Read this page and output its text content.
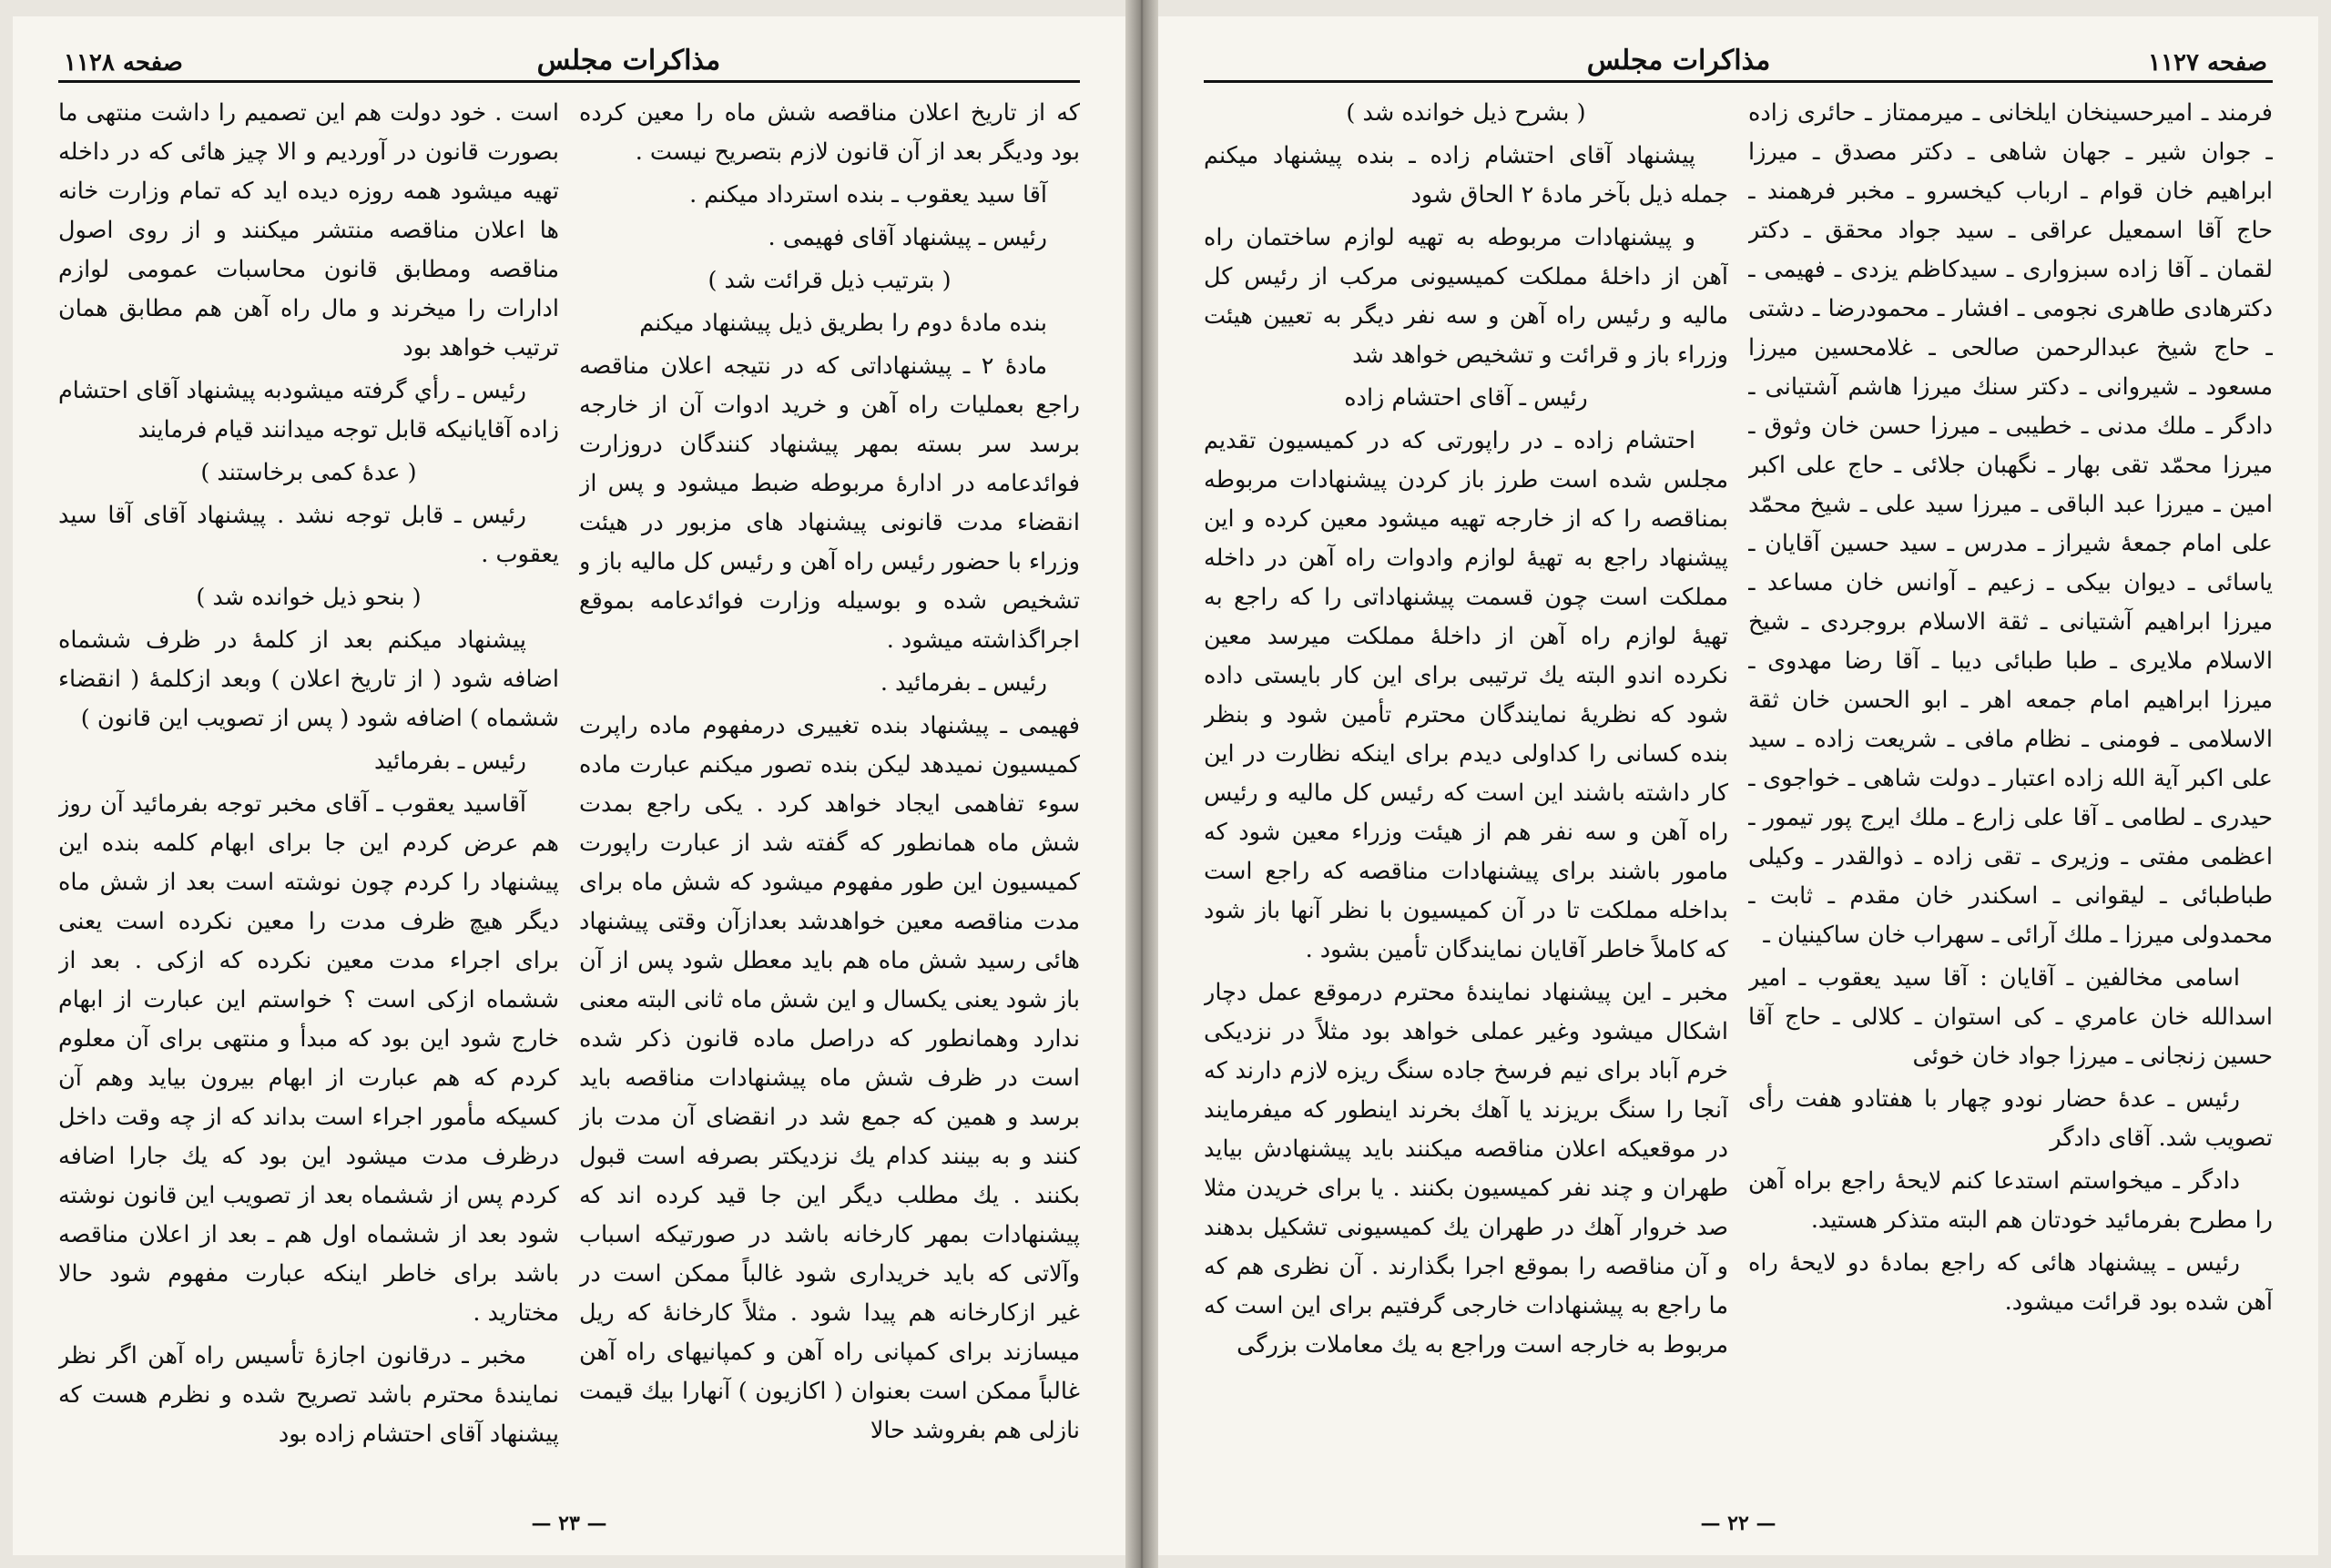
مذاکرات مجلس
صفحه ۱۱۲۸

که از تاریخ اعلان مناقصه شش ماه را معین کرده بود ودیگر بعد از آن قانون لازم بتصریح نیست .

آقا سید یعقوب ـ بنده استرداد میکنم .

رئیس ـ پیشنهاد آقای فهیمی .

( بترتیب ذیل قرائت شد )

بنده مادهٔ دوم را بطریق ذیل پیشنهاد میکنم

مادهٔ ۲ ـ پیشنهاداتی که در نتیجه اعلان مناقصه راجع بعملیات راه آهن و خرید ادوات آن از خارجه برسد سر بسته بمهر پیشنهاد کنندگان دروزارت فوائدعامه در ادارهٔ مربوطه ضبط میشود و پس از انقضاء مدت قانونی پیشنهاد های مزبور در هیئت وزراء با حضور رئیس راه آهن و رئیس کل مالیه باز و تشخیص شده و بوسیله وزارت فوائدعامه بموقع اجراگذاشته میشود .

رئیس ـ بفرمائید .

فهیمی ـ پیشنهاد بنده تغییری درمفهوم ماده راپرت کمیسیون نمیدهد لیکن بنده تصور میکنم عبارت ماده سوء تفاهمی ایجاد خواهد کرد . یکی راجع بمدت شش ماه همانطور که گفته شد از عبارت راپورت کمیسیون این طور مفهوم میشود که شش ماه برای مدت مناقصه معین خواهدشد بعدازآن وقتی پیشنهاد هائی رسید شش ماه هم باید معطل شود پس از آن باز شود یعنی یکسال و این شش ماه ثانی البته معنی ندارد وهمانطور که دراصل ماده قانون ذکر شده است در ظرف شش ماه پیشنهادات مناقصه باید برسد و همین که جمع شد در انقضای آن مدت باز کنند و به بینند کدام یك نزدیکتر بصرفه است قبول بکنند . یك مطلب دیگر این جا قید کرده اند که پیشنهادات بمهر کارخانه باشد در صورتیکه اسباب وآلاتی که باید خریداری شود غالباً ممکن است در غیر ازکارخانه هم پیدا شود . مثلاً کارخانهٔ که ریل میسازند برای کمپانی راه آهن و کمپانیهای راه آهن غالباً ممکن است بعنوان ( اکازیون ) آنهارا بیك قیمت نازلی هم بفروشد حالا

است . خود دولت هم این تصمیم را داشت منتهی ما بصورت قانون در آوردیم و الا چیز هائی که در داخله تهیه میشود همه روزه دیده اید که تمام وزارت خانه ها اعلان مناقصه منتشر میکنند و از روی اصول مناقصه ومطابق قانون محاسبات عمومی لوازم ادارات را میخرند و مال راه آهن هم مطابق همان ترتیب خواهد بود

رئیس ـ رأي گرفته میشودبه پیشنهاد آقای احتشام زاده آقایانیکه قابل توجه میدانند قیام فرمایند

( عدهٔ کمی برخاستند )

رئیس ـ قابل توجه نشد . پیشنهاد آقای آقا سید یعقوب .

( بنحو ذیل خوانده شد )

پیشنهاد میکنم بعد از کلمهٔ در ظرف ششماه اضافه شود ( از تاریخ اعلان ) وبعد ازکلمهٔ ( انقضاء ششماه ) اضافه شود ( پس از تصویب این قانون )

رئیس ـ بفرمائید

آقاسید یعقوب ـ آقای مخبر توجه بفرمائید آن روز هم عرض کردم این جا برای ابهام کلمه بنده این پیشنهاد را کردم چون نوشته است بعد از شش ماه دیگر هیچ ظرف مدت را معین نکرده است یعنی برای اجراء مدت معین نکرده که ازکی . بعد از ششماه ازکی است ؟ خواستم این عبارت از ابهام خارج شود این بود که مبدأ و منتهی برای آن معلوم کردم که هم عبارت از ابهام بیرون بیاید وهم آن کسیکه مأمور اجراء است بداند که از چه وقت داخل درظرف مدت میشود این بود که یك جارا اضافه کردم پس از ششماه بعد از تصویب این قانون نوشته شود بعد از ششماه اول هم ـ بعد از اعلان مناقصه باشد برای خاطر اینکه عبارت مفهوم شود حالا مختارید .

مخبر ـ درقانون اجازهٔ تأسیس راه آهن اگر نظر نمایندهٔ محترم باشد تصریح شده و نظرم هست که پیشنهاد آقای احتشام زاده بود

— ۲۳ —
صفحه ۱۱۲۷
مذاکرات مجلس

فرمند ـ امیرحسینخان ایلخانی ـ میرممتاز ـ حائری زاده ـ جوان شیر ـ جهان شاهی ـ دکتر مصدق ـ میرزا ابراهیم خان قوام ـ ارباب کیخسرو ـ مخبر فرهمند ـ حاج آقا اسمعیل عراقی ـ سید جواد محقق ـ دکتر لقمان ـ آقا زاده سبزواری ـ سیدکاظم یزدی ـ فهیمی ـ دکترهادی طاهری نجومی ـ افشار ـ محمودرضا ـ دشتی ـ حاج شیخ عبدالرحمن صالحی ـ غلامحسین میرزا مسعود ـ شیروانی ـ دکتر سنك میرزا هاشم آشتیانی ـ دادگر ـ ملك مدنی ـ خطیبی ـ میرزا حسن خان وثوق ـ میرزا محمّد تقی بهار ـ نگهبان جلائی ـ حاج علی اکبر امین ـ میرزا عبد الباقی ـ میرزا سید علی ـ شیخ محمّد علی امام جمعهٔ شیراز ـ مدرس ـ سید حسین آقایان ـ یاسائی ـ دیوان بیکی ـ زعیم ـ آوانس خان مساعد ـ میرزا ابراهیم آشتیانی ـ ثقة الاسلام بروجردی ـ شیخ الاسلام ملایری ـ طبا طبائی دیبا ـ آقا رضا مهدوی ـ میرزا ابراهیم امام جمعه اهر ـ ابو الحسن خان ثقة الاسلامی ـ فومنی ـ نظام مافی ـ شریعت زاده ـ سید علی اکبر آیة الله زاده اعتبار ـ دولت شاهی ـ خواجوی ـ حیدری ـ لطامی ـ آقا علی زارع ـ ملك ایرج پور تیمور ـ اعظمی مفتی ـ وزیری ـ تقی زاده ـ ذوالقدر ـ وکیلی طباطبائی ـ لیقوانی ـ اسکندر خان مقدم ـ ثابت ـ محمدولی میرزا ـ ملك آرائی ـ سهراب خان ساکینیان ـ

اسامی مخالفین ـ آقایان : آقا سید یعقوب ـ امیر اسدالله خان عامري ـ کی استوان ـ کلالی ـ حاج آقا حسین زنجانی ـ میرزا جواد خان خوئی

رئیس ـ عدهٔ حضار نودو چهار با هفتادو هفت رأی تصویب شد. آقای دادگر

دادگر ـ میخواستم استدعا کنم لایحهٔ راجع براه آهن را مطرح بفرمائید خودتان هم البته متذکر هستید.

رئیس ـ پیشنهاد هائی که راجع بمادهٔ دو لایحهٔ راه آهن شده بود قرائت میشود.

( بشرح ذیل خوانده شد )

پیشنهاد آقای احتشام زاده ـ بنده پیشنهاد میکنم جمله ذیل بآخر مادهٔ ۲ الحاق شود

و پیشنهادات مربوطه به تهیه لوازم ساختمان راه آهن از داخلهٔ مملکت کمیسیونی مرکب از رئیس کل مالیه و رئیس راه آهن و سه نفر دیگر به تعیین هیئت وزراء باز و قرائت و تشخیص خواهد شد

رئیس ـ آقای احتشام زاده

احتشام زاده ـ در راپورتی که در کمیسیون تقدیم مجلس شده است طرز باز کردن پیشنهادات مربوطه بمناقصه را که از خارجه تهیه میشود معین کرده و این پیشنهاد راجع به تهیهٔ لوازم وادوات راه آهن در داخله مملکت است چون قسمت پیشنهاداتی را که راجع به تهیهٔ لوازم راه آهن از داخلهٔ مملکت میرسد معین نکرده اندو البته یك ترتیبی برای این کار بایستی داده شود که نظریهٔ نمایندگان محترم تأمین شود و بنظر بنده کسانی را کداولی دیدم برای اینکه نظارت در این کار داشته باشند این است که رئیس کل مالیه و رئیس راه آهن و سه نفر هم از هیئت وزراء معین شود که مامور باشند برای پیشنهادات مناقصه که راجع است بداخله مملکت تا در آن کمیسیون با نظر آنها باز شود که کاملاً خاطر آقایان نمایندگان تأمین بشود .

مخبر ـ این پیشنهاد نمایندهٔ محترم درموقع عمل دچار اشکال میشود وغیر عملی خواهد بود مثلاً در نزدیکی خرم آباد برای نیم فرسخ جاده سنگ ریزه لازم دارند که آنجا را سنگ بریزند یا آهك بخرند اینطور که میفرمایند در موقعیکه اعلان مناقصه میکنند باید پیشنهادش بیاید طهران و چند نفر کمیسیون بکنند . یا برای خریدن مثلا صد خروار آهك در طهران یك کمیسیونی تشکیل بدهند و آن مناقصه را بموقع اجرا بگذارند . آن نظری هم که ما راجع به پیشنهادات خارجی گرفتیم برای این است که مربوط به خارجه است وراجع به یك معاملات بزرگی

— ۲۲ —
